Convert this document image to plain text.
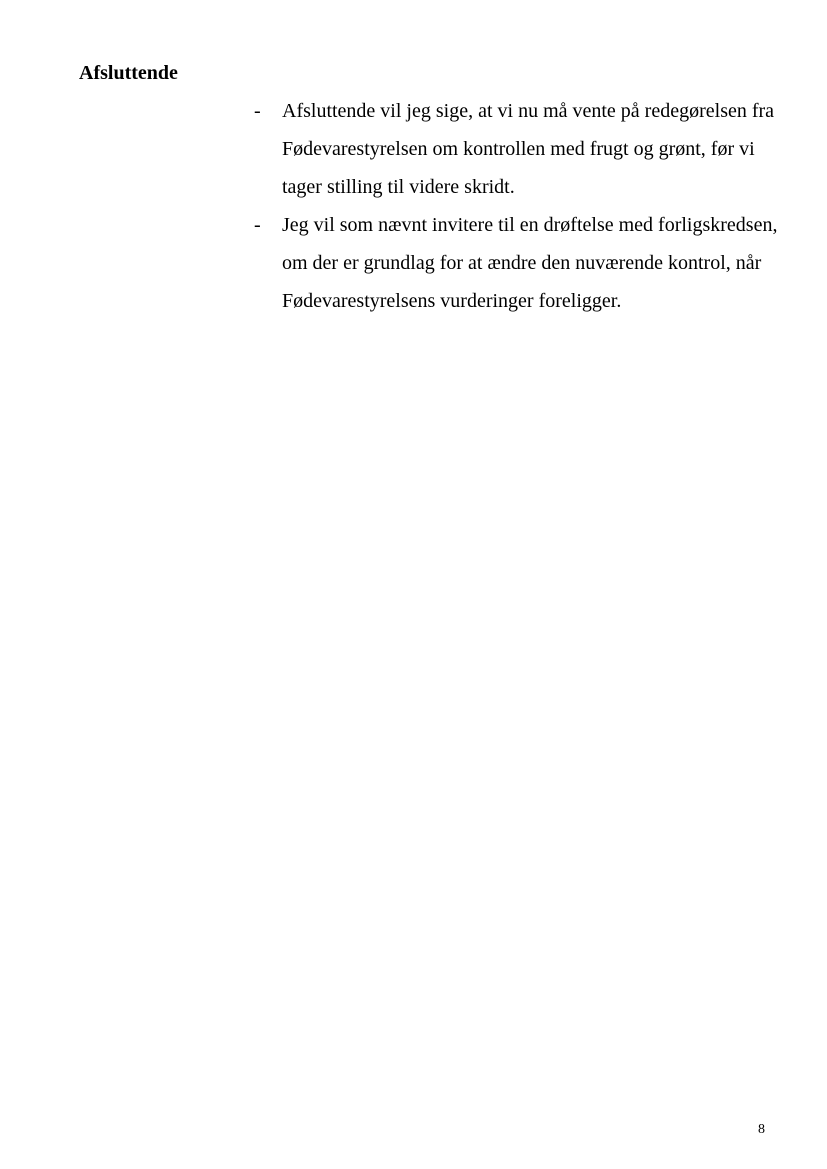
Afsluttende
- Afsluttende vil jeg sige, at vi nu må vente på redegørelsen fra Fødevarestyrelsen om kontrollen med frugt og grønt, før vi tager stilling til videre skridt.
- Jeg vil som nævnt invitere til en drøftelse med forligskredsen, om der er grundlag for at ændre den nuværende kontrol, når Fødevarestyrelsens vurderinger foreligger.
8
